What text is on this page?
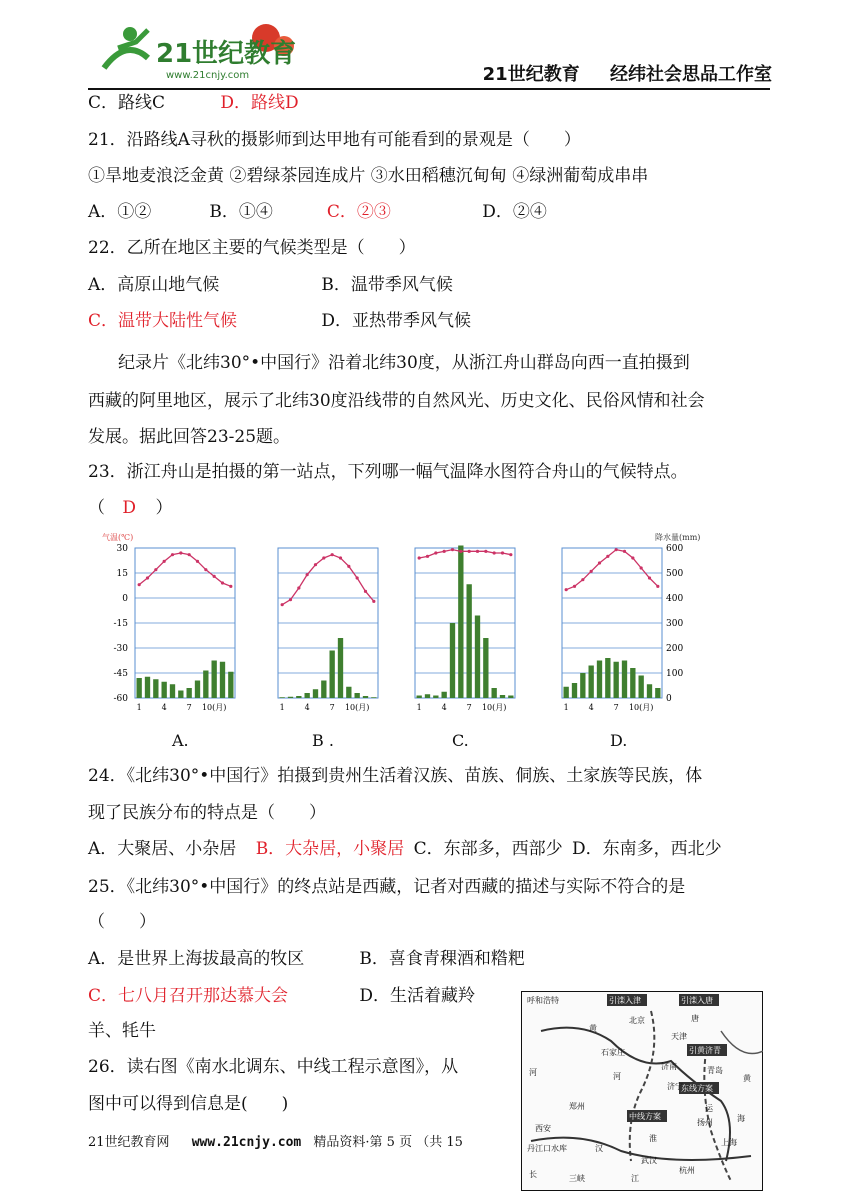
21世纪教育
www.21cnjy.com	21世纪教育 经纬社会思品工作室
C．路线C	D．路线D
21．沿路线A寻秋的摄影师到达甲地有可能看到的景观是（　　）
①旱地麦浪泛金黄 ②碧绿茶园连成片 ③水田稻穗沉甸甸 ④绿洲葡萄成串串
A．①②	B．①④	C．②③	D．②④
22．乙所在地区主要的气候类型是（　　）
A．高原山地气候	B．温带季风气候
C．温带大陆性气候	D．亚热带季风气候
纪录片《北纬30°•中国行》沿着北纬30度，从浙江舟山群岛向西一直拍摄到
西藏的阿里地区，展示了北纬30度沿线带的自然风光、历史文化、民俗风情和社会
发展。据此回答23-25题。
23．浙江舟山是拍摄的第一站点，下列哪一幅气温降水图符合舟山的气候特点。
（ D ）
气温(℃)	降水量(mm)
30
15
0
-15
-30
-45
-60
600
500
400
300
200
100
0
1 4 7 10(月)	1 4 7 10(月)	1 4 7 10(月)	1 4 7 10(月)
A.	B .	C.	D.
24．《北纬30°•中国行》拍摄到贵州生活着汉族、苗族、侗族、土家族等民族，体
现了民族分布的特点是（　　）
A．大聚居、小杂居 B．大杂居，小聚居 C．东部多，西部少 D．东南多，西北少
25．《北纬30°•中国行》的终点站是西藏，记者对西藏的描述与实际不符合的是
（　　）
A．是世界上海拔最高的牧区	B．喜食青稞酒和糌粑
C．七八月召开那达慕大会	D．生活着藏羚
羊、牦牛
26．读右图《南水北调东、中线工程示意图》，从
图中可以得到信息是(　　)
呼和浩特	引滦入津	引滦入唐
黄
北京	唐
天津
引黄济青
石家庄
河
济南	青岛
东线方案
黄
郑州
济宁
中线方案
西安
丹江口水库	汉
淮
武汉
长	三峡	江
杭州
上海
海
扬州
运
河
21世纪教育网 www.21cnjy.com 精品资料·第 5 页 （共 15
